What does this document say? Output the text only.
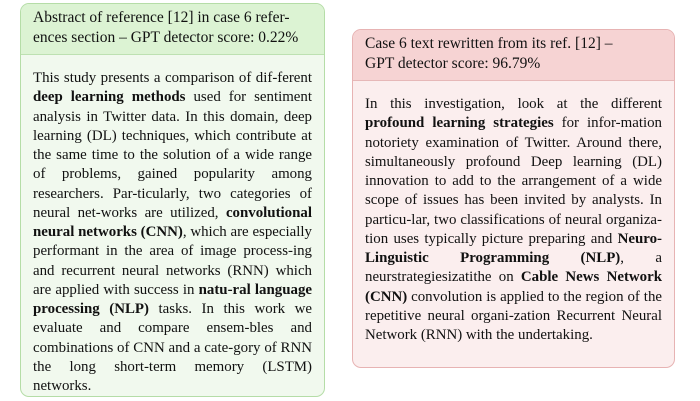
Abstract of reference [12] in case 6 refer-
ences section – GPT detector score: 0.22%
This study presents a comparison of dif-ferent deep learning methods used for sentiment analysis in Twitter data. In this domain, deep learning (DL) techniques, which contribute at the same time to the solution of a wide range of problems, gained popularity among researchers. Par-ticularly, two categories of neural net-works are utilized, convolutional neural networks (CNN), which are especially performant in the area of image process-ing and recurrent neural networks (RNN) which are applied with success in natu-ral language processing (NLP) tasks. In this work we evaluate and compare ensem-bles and combinations of CNN and a cate-gory of RNN the long short-term memory (LSTM) networks.
Case 6 text rewritten from its ref. [12] –
GPT detector score: 96.79%
In this investigation, look at the different profound learning strategies for infor-mation notoriety examination of Twitter. Around there, simultaneously profound Deep learning (DL) innovation to add to the arrangement of a wide scope of issues has been invited by analysts. In particu-lar, two classifications of neural organiza-tion uses typically picture preparing and Neuro-Linguistic Programming (NLP), a neurstrategiesizatithe on Cable News Network (CNN) convolution is applied to the region of the repetitive neural organi-zation Recurrent Neural Network (RNN) with the undertaking.
